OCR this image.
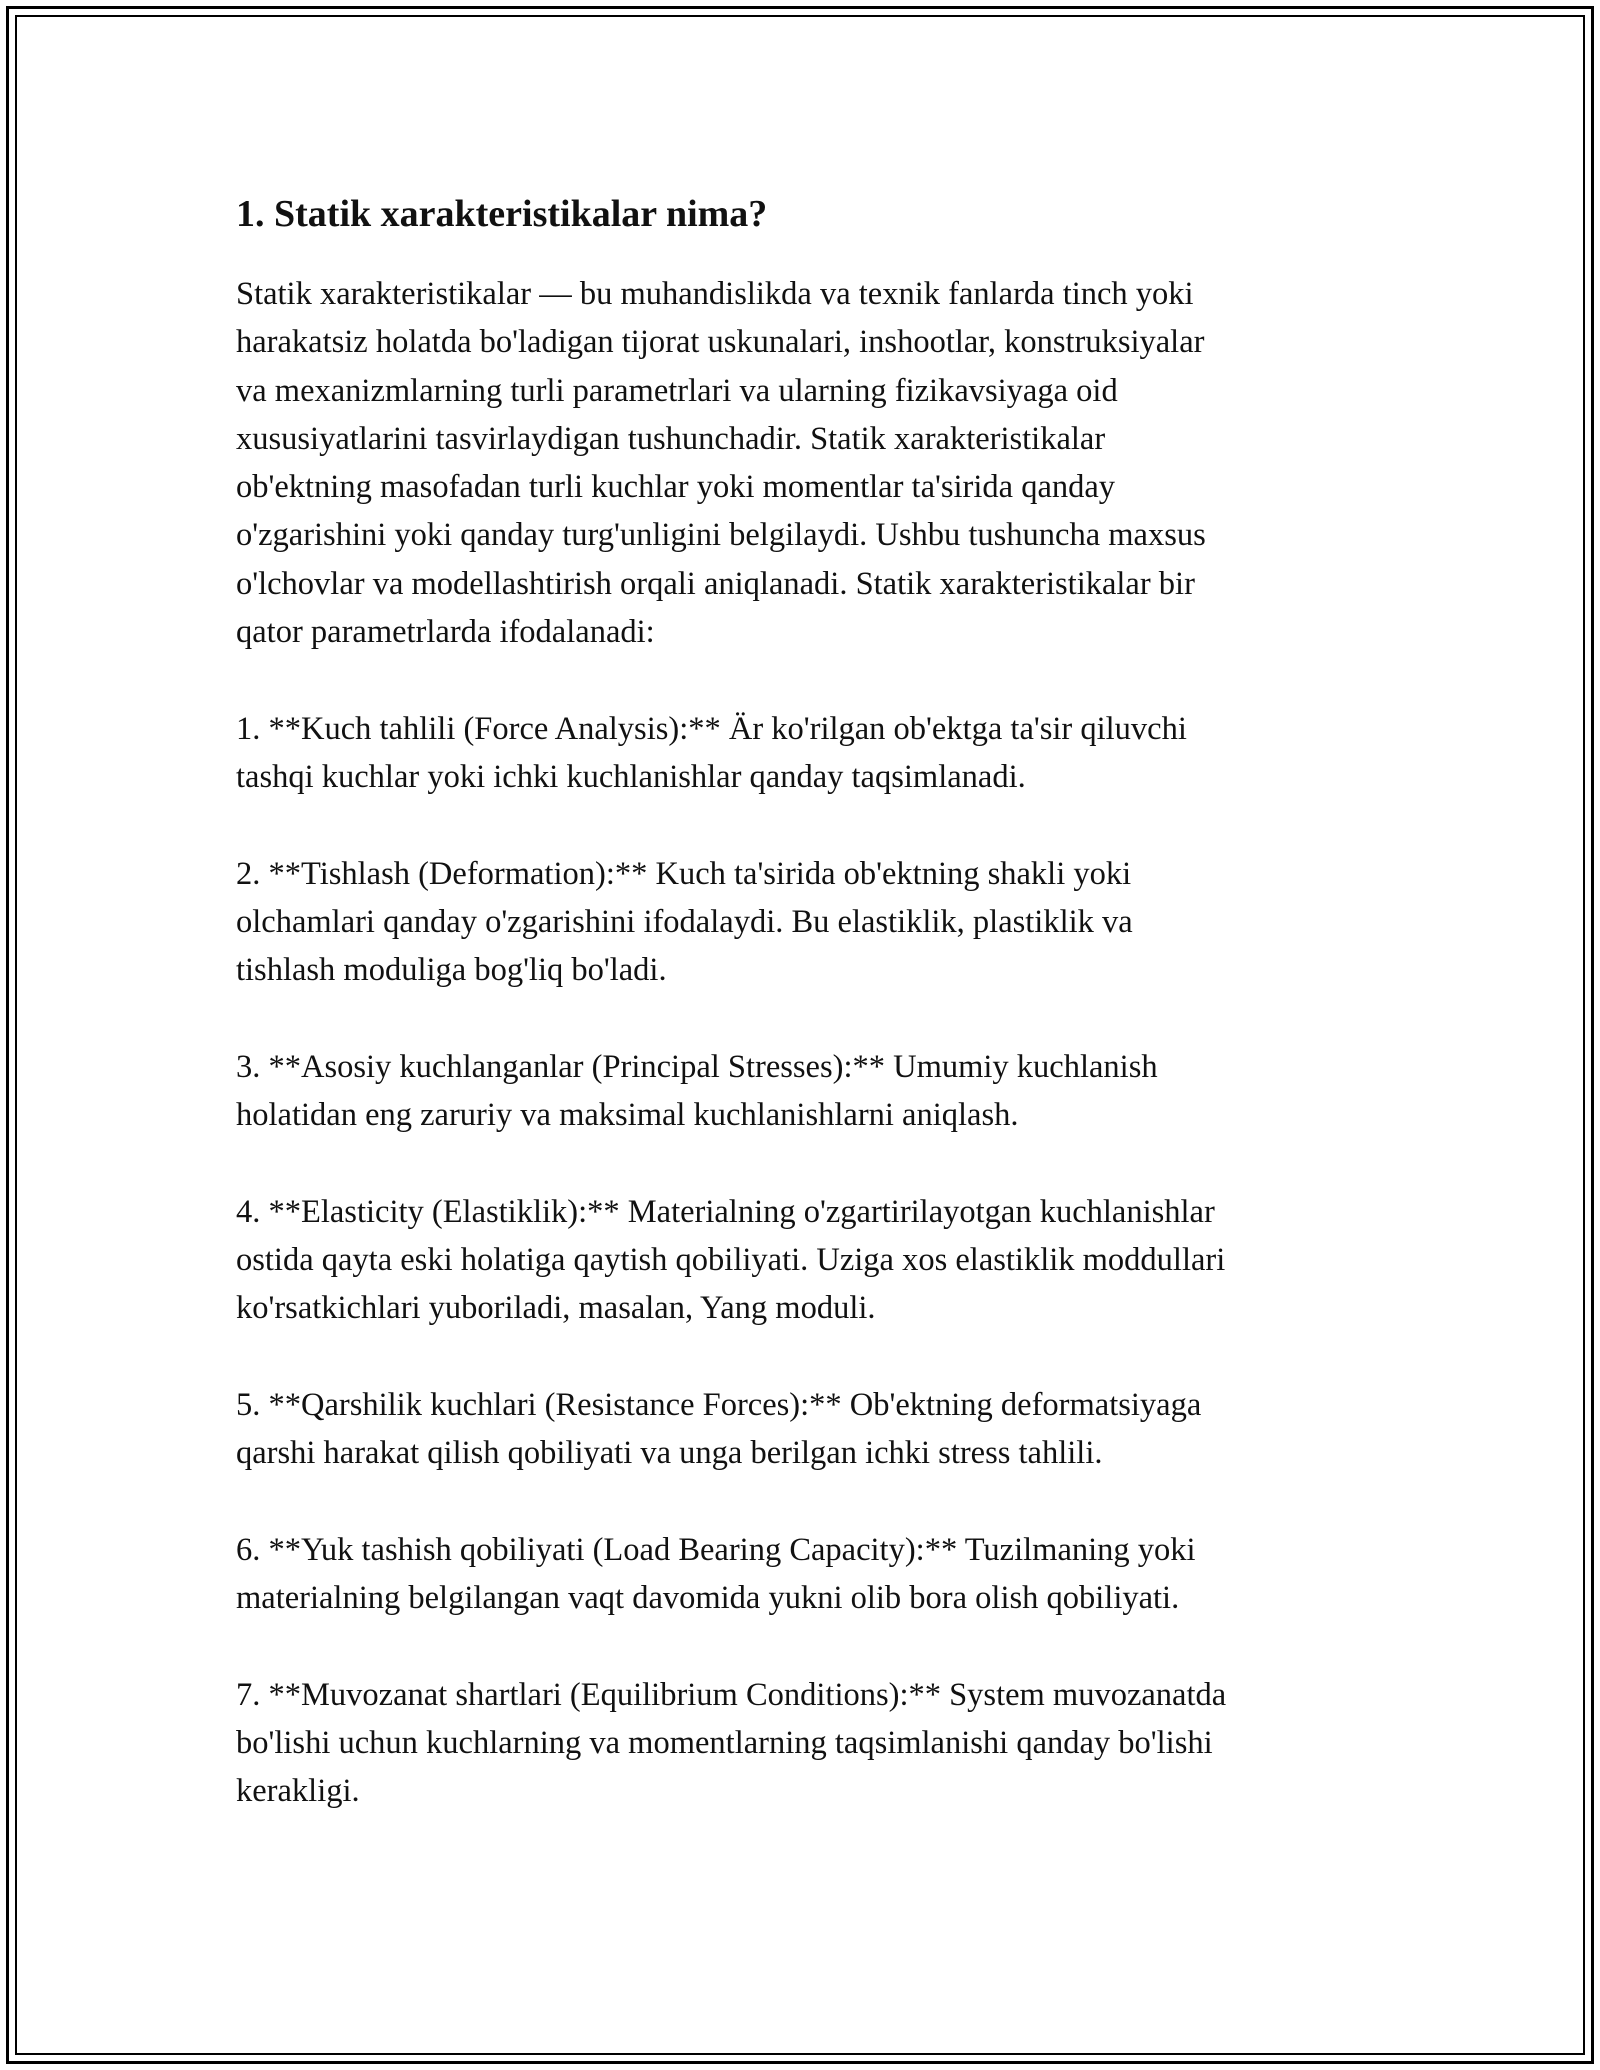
1. Statik xarakteristikalar nima?

Statik xarakteristikalar — bu muhandislikda va texnik fanlarda tinch yoki
harakatsiz holatda bo'ladigan tijorat uskunalari, inshootlar, konstruksiyalar
va mexanizmlarning turli parametrlari va ularning fizikavsiyaga oid
xususiyatlarini tasvirlaydigan tushunchadir. Statik xarakteristikalar
ob'ektning masofadan turli kuchlar yoki momentlar ta'sirida qanday
o'zgarishini yoki qanday turg'unligini belgilaydi. Ushbu tushuncha maxsus
o'lchovlar va modellashtirish orqali aniqlanadi. Statik xarakteristikalar bir
qator parametrlarda ifodalanadi:

1. **Kuch tahlili (Force Analysis):** Är ko'rilgan ob'ektga ta'sir qiluvchi
tashqi kuchlar yoki ichki kuchlanishlar qanday taqsimlanadi.

2. **Tishlash (Deformation):** Kuch ta'sirida ob'ektning shakli yoki
olchamlari qanday o'zgarishini ifodalaydi. Bu elastiklik, plastiklik va
tishlash moduliga bog'liq bo'ladi.

3. **Asosiy kuchlanganlar (Principal Stresses):** Umumiy kuchlanish
holatidan eng zaruriy va maksimal kuchlanishlarni aniqlash.

4. **Elasticity (Elastiklik):** Materialning o'zgartirilayotgan kuchlanishlar
ostida qayta eski holatiga qaytish qobiliyati. Uziga xos elastiklik moddullari
ko'rsatkichlari yuboriladi, masalan, Yang moduli.

5. **Qarshilik kuchlari (Resistance Forces):** Ob'ektning deformatsiyaga
qarshi harakat qilish qobiliyati va unga berilgan ichki stress tahlili.

6. **Yuk tashish qobiliyati (Load Bearing Capacity):** Tuzilmaning yoki
materialning belgilangan vaqt davomida yukni olib bora olish qobiliyati.

7. **Muvozanat shartlari (Equilibrium Conditions):** System muvozanatda
bo'lishi uchun kuchlarning va momentlarning taqsimlanishi qanday bo'lishi
kerakligi.
